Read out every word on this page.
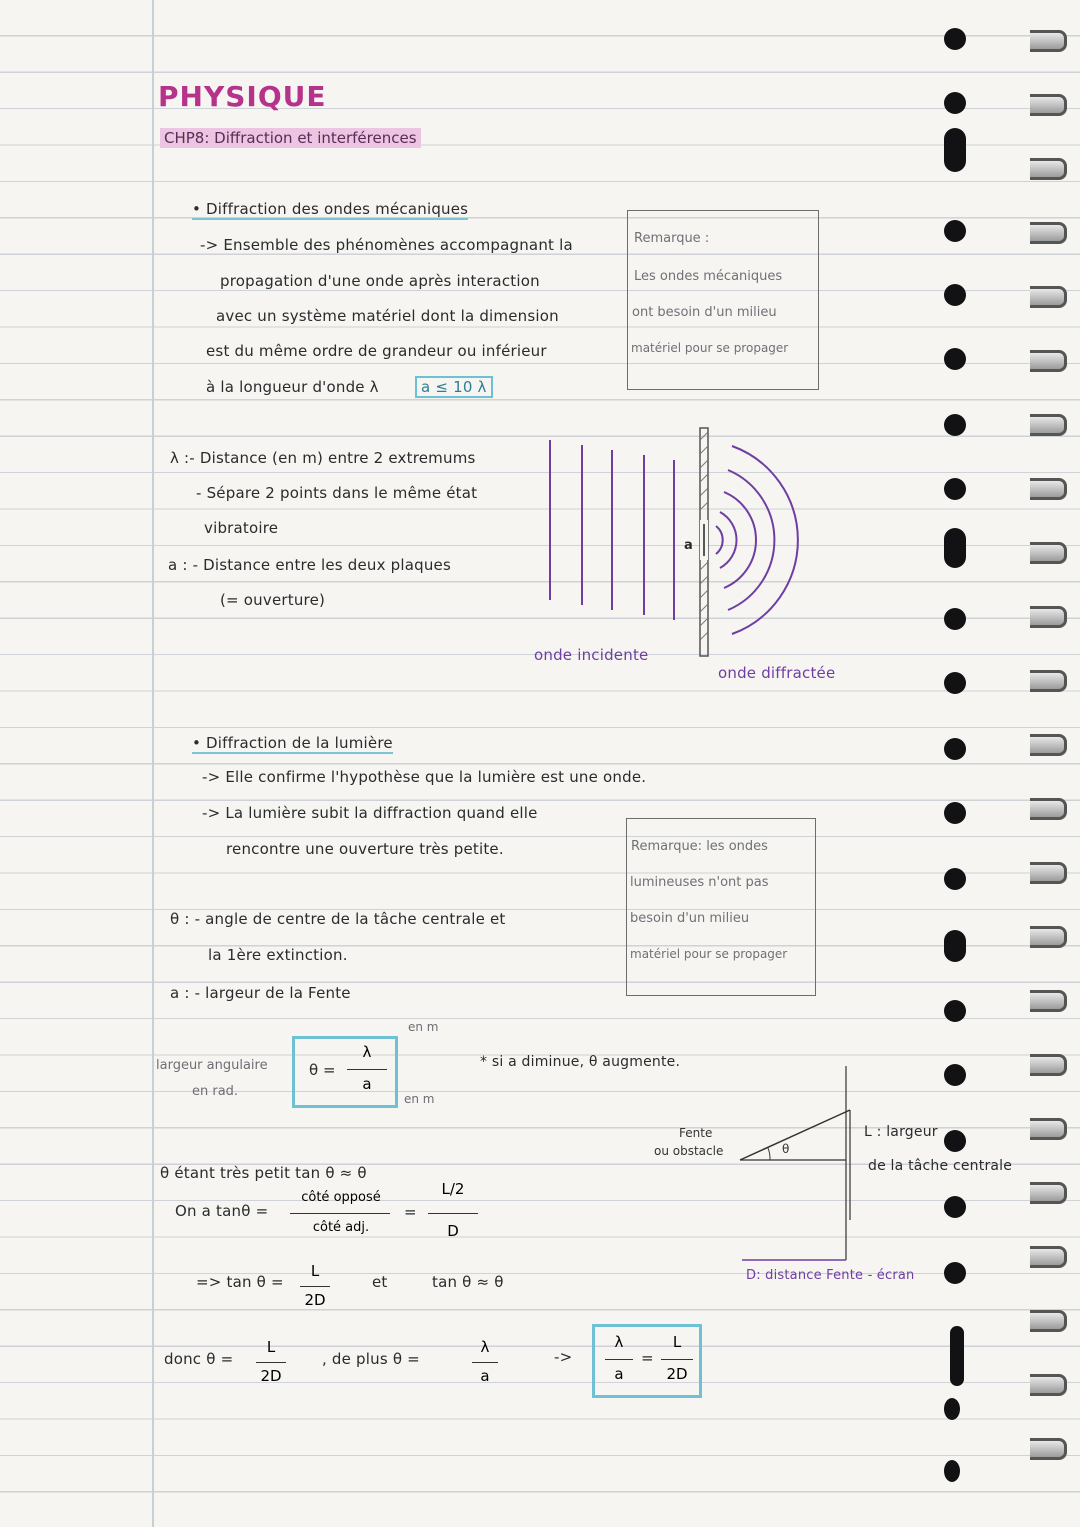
PHYSIQUE
CHP8: Diffraction et interférences
• Diffraction des ondes mécaniques
-> Ensemble des phénomènes accompagnant la
propagation d'une onde après interaction
avec un système matériel dont la dimension
est du même ordre de grandeur ou inférieur
à la longueur d'onde λ	a ≤ 10 λ
Remarque :
Les ondes mécaniques
ont besoin d'un milieu
matériel pour se propager
λ :- Distance (en m) entre 2 extremums
- Sépare 2 points dans le même état
vibratoire
a : - Distance entre les deux plaques
(= ouverture)
a
onde incidente
onde diffractée
• Diffraction de la lumière
-> Elle confirme l'hypothèse que la lumière est une onde.
-> La lumière subit la diffraction quand elle
rencontre une ouverture très petite.	Remarque: les ondes
lumineuses n'ont pas
besoin d'un milieu
matériel pour se propager
θ : - angle de centre de la tâche centrale et
la 1ère extinction.
a : - largeur de la Fente
largeur angulaire
en rad.
θ =
λ
a
en m
en m
* si a diminue, θ augmente.
Fente
ou obstacle	θ
L : largeur
de la tâche centrale
D: distance Fente - écran
θ étant très petit tan θ ≈ θ
On a tanθ =
côté opposé
côté adj.
=
L/2
D
=> tan θ =
L
2D
et	tan θ ≈ θ
donc θ =
L
2D
, de plus θ =
λ
a
->
λ
a
=
L
2D
